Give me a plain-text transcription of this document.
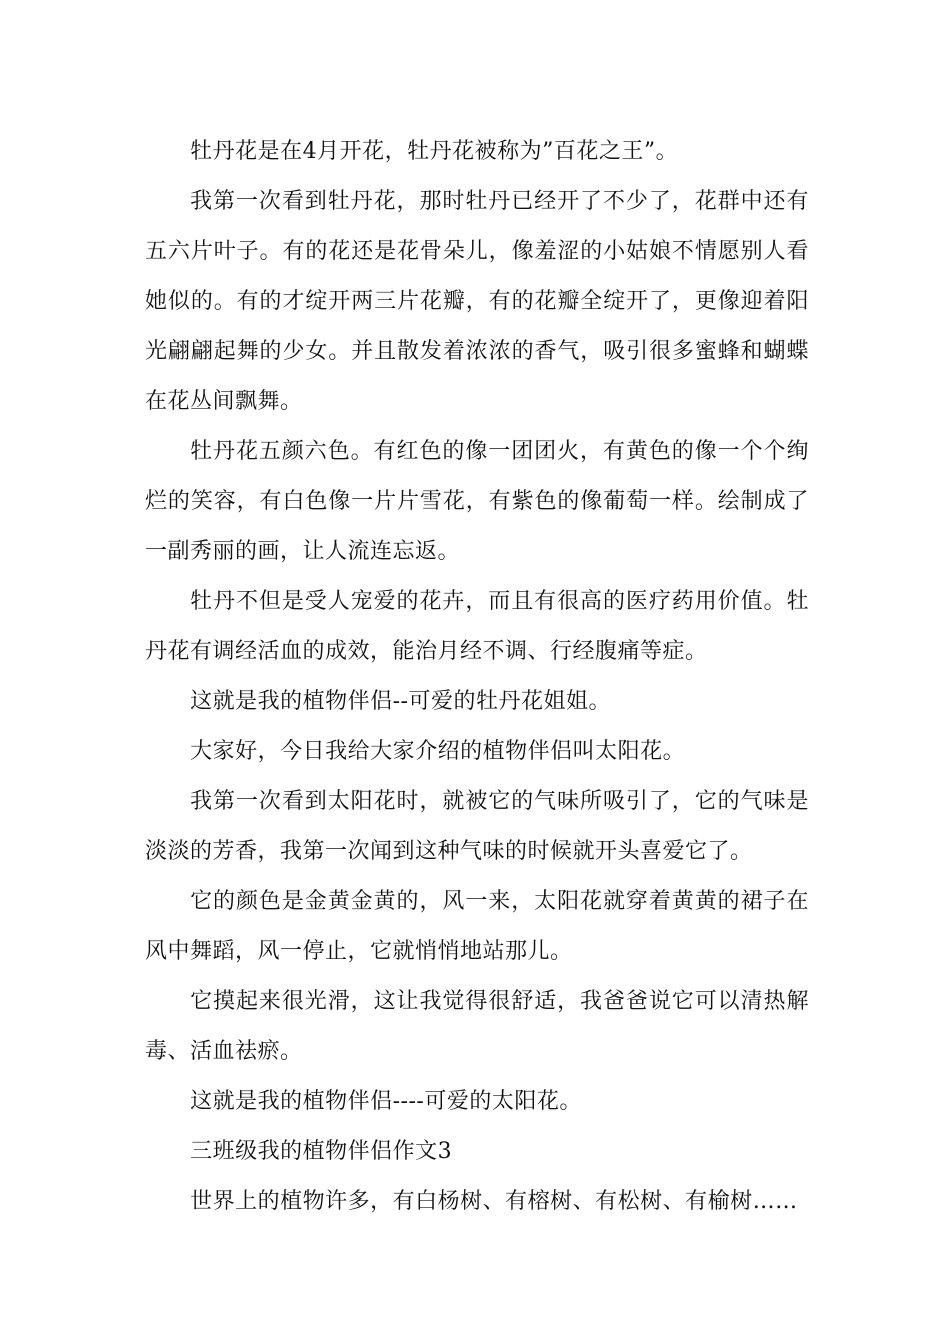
牡丹花是在4月开花，牡丹花被称为”百花之王”。

我第一次看到牡丹花，那时牡丹已经开了不少了，花群中还有五六片叶子。有的花还是花骨朵儿，像羞涩的小姑娘不情愿别人看她似的。有的才绽开两三片花瓣，有的花瓣全绽开了，更像迎着阳光翩翩起舞的少女。并且散发着浓浓的香气，吸引很多蜜蜂和蝴蝶在花丛间飘舞。

牡丹花五颜六色。有红色的像一团团火，有黄色的像一个个绚烂的笑容，有白色像一片片雪花，有紫色的像葡萄一样。绘制成了一副秀丽的画，让人流连忘返。

牡丹不但是受人宠爱的花卉，而且有很高的医疗药用价值。牡丹花有调经活血的成效，能治月经不调、行经腹痛等症。

这就是我的植物伴侣--可爱的牡丹花姐姐。

大家好，今日我给大家介绍的植物伴侣叫太阳花。

我第一次看到太阳花时，就被它的气味所吸引了，它的气味是淡淡的芳香，我第一次闻到这种气味的时候就开头喜爱它了。

它的颜色是金黄金黄的，风一来，太阳花就穿着黄黄的裙子在风中舞蹈，风一停止，它就悄悄地站那儿。

它摸起来很光滑，这让我觉得很舒适，我爸爸说它可以清热解毒、活血祛瘀。

这就是我的植物伴侣----可爱的太阳花。

三班级我的植物伴侣作文3

世界上的植物许多，有白杨树、有榕树、有松树、有榆树……
